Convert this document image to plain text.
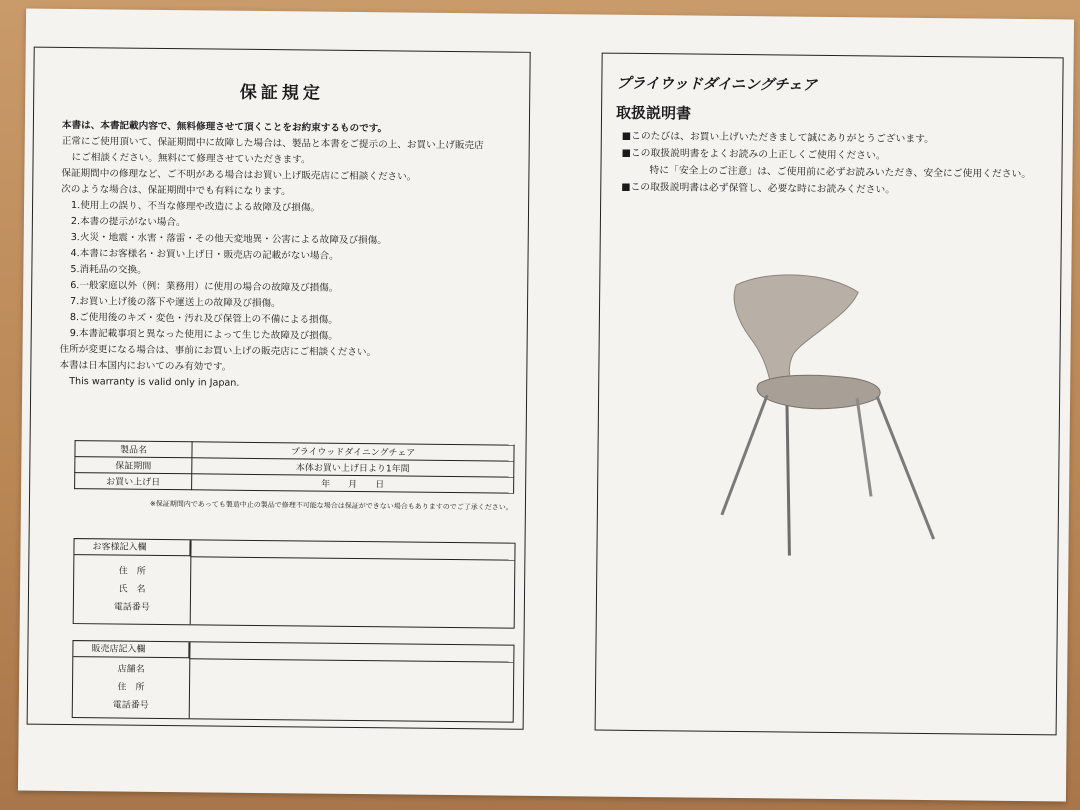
保証規定
本書は、本書記載内容で、無料修理させて頂くことをお約束するものです。
正常にご使用頂いて、保証期間中に故障した場合は、製品と本書をご提示の上、お買い上げ販売店
にご相談ください。無料にて修理させていただきます。
保証期間中の修理など、ご不明がある場合はお買い上げ販売店にご相談ください。
次のような場合は、保証期間中でも有料になります。
1.使用上の誤り、不当な修理や改造による故障及び損傷。
2.本書の提示がない場合。
3.火災・地震・水害・落雷・その他天変地異・公害による故障及び損傷。
4.本書にお客様名・お買い上げ日・販売店の記載がない場合。
5.消耗品の交換。
6.一般家庭以外（例：業務用）に使用の場合の故障及び損傷。
7.お買い上げ後の落下や運送上の故障及び損傷。
8.ご使用後のキズ・変色・汚れ及び保管上の不備による損傷。
9.本書記載事項と異なった使用によって生じた故障及び損傷。
住所が変更になる場合は、事前にお買い上げの販売店にご相談ください。
本書は日本国内においてのみ有効です。
This warranty is valid only in Japan.
製品名	プライウッドダイニングチェア
保証期間	本体お買い上げ日より1年間
お買い上げ日	年　　月　　日
※保証期間内であっても製造中止の製品で修理不可能な場合は保証ができない場合もありますのでご了承ください。
お客様記入欄
住　所
氏　名
電話番号
販売店記入欄
店舗名
住　所
電話番号
プライウッドダイニングチェア
取扱説明書
■このたびは、お買い上げいただきまして誠にありがとうございます。
■この取扱説明書をよくお読みの上正しくご使用ください。
特に「安全上のご注意」は、ご使用前に必ずお読みいただき、安全にご使用ください。
■この取扱説明書は必ず保管し、必要な時にお読みください。
